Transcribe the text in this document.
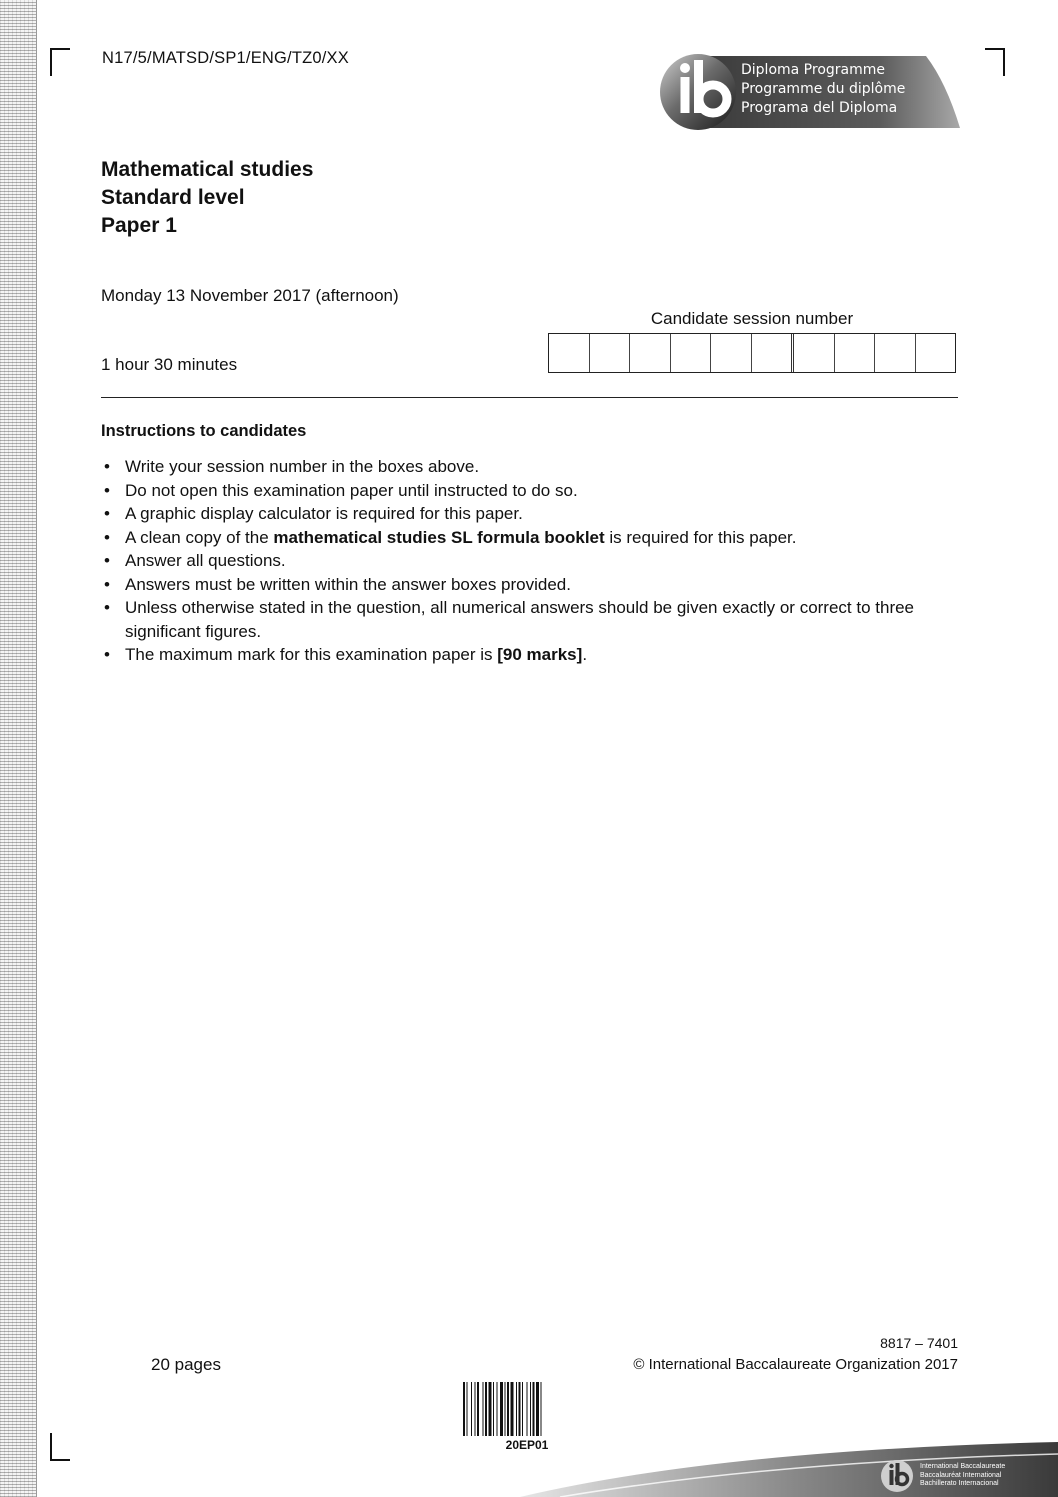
N17/5/MATSD/SP1/ENG/TZ0/XX
Diploma Programme
Programme du diplôme
Programa del Diploma
Mathematical studies
Standard level
Paper 1
Monday 13 November 2017 (afternoon)
1 hour 30 minutes
Candidate session number
Instructions to candidates
• Write your session number in the boxes above.
• Do not open this examination paper until instructed to do so.
• A graphic display calculator is required for this paper.
• A clean copy of the mathematical studies SL formula booklet is required for this paper.
• Answer all questions.
• Answers must be written within the answer boxes provided.
• Unless otherwise stated in the question, all numerical answers should be given exactly or correct to three significant figures.
• The maximum mark for this examination paper is [90 marks].
20 pages
8817 – 7401
© International Baccalaureate Organization 2017
20EP01
International Baccalaureate
Baccalauréat International
Bachillerato Internacional
